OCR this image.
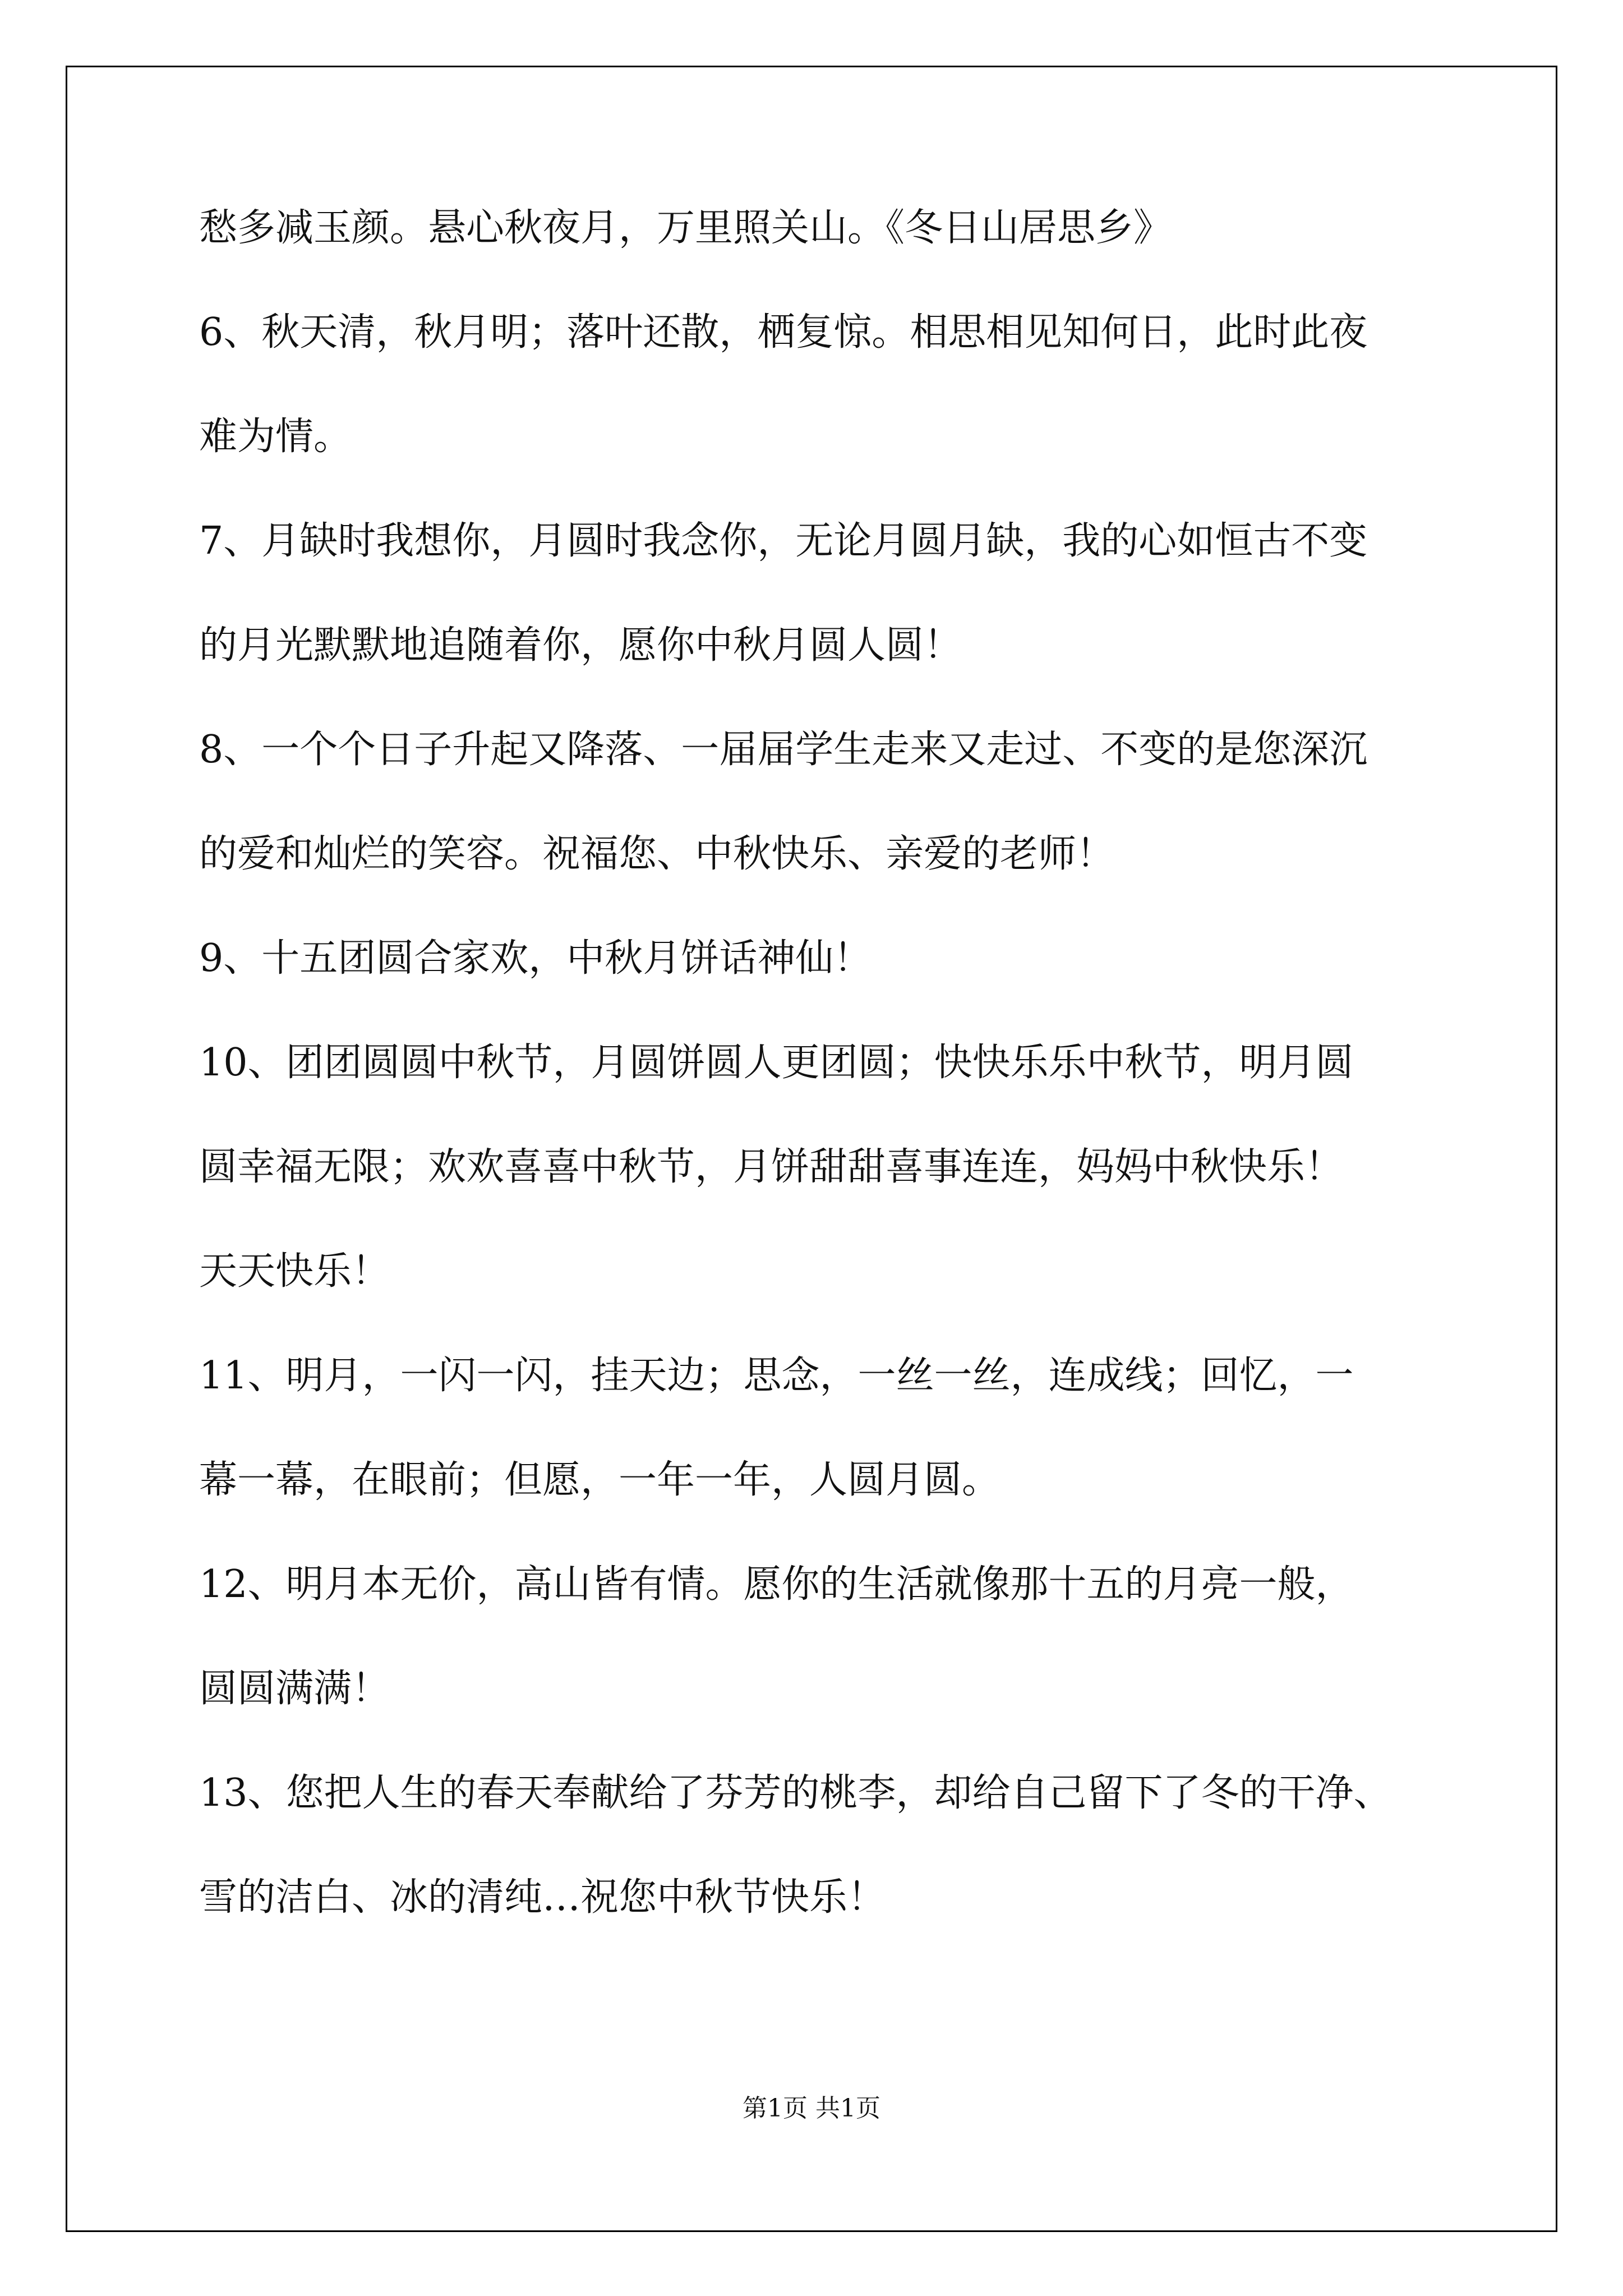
愁多减玉颜。悬心秋夜月，万里照关山。《冬日山居思乡》

6、秋天清，秋月明；落叶还散，栖复惊。相思相见知何日，此时此夜

难为情。

7、月缺时我想你，月圆时我念你，无论月圆月缺，我的心如恒古不变

的月光默默地追随着你，愿你中秋月圆人圆！

8、一个个日子升起又降落、一届届学生走来又走过、不变的是您深沉

的爱和灿烂的笑容。祝福您、中秋快乐、亲爱的老师！

9、十五团圆合家欢，中秋月饼话神仙！

10、团团圆圆中秋节，月圆饼圆人更团圆；快快乐乐中秋节，明月圆

圆幸福无限；欢欢喜喜中秋节，月饼甜甜喜事连连，妈妈中秋快乐！

天天快乐！

11、明月，一闪一闪，挂天边；思念，一丝一丝，连成线；回忆，一

幕一幕，在眼前；但愿，一年一年，人圆月圆。

12、明月本无价，高山皆有情。愿你的生活就像那十五的月亮一般，

圆圆满满！

13、您把人生的春天奉献给了芬芳的桃李，却给自己留下了冬的干净、

雪的洁白、冰的清纯…祝您中秋节快乐！

第1页 共1页
